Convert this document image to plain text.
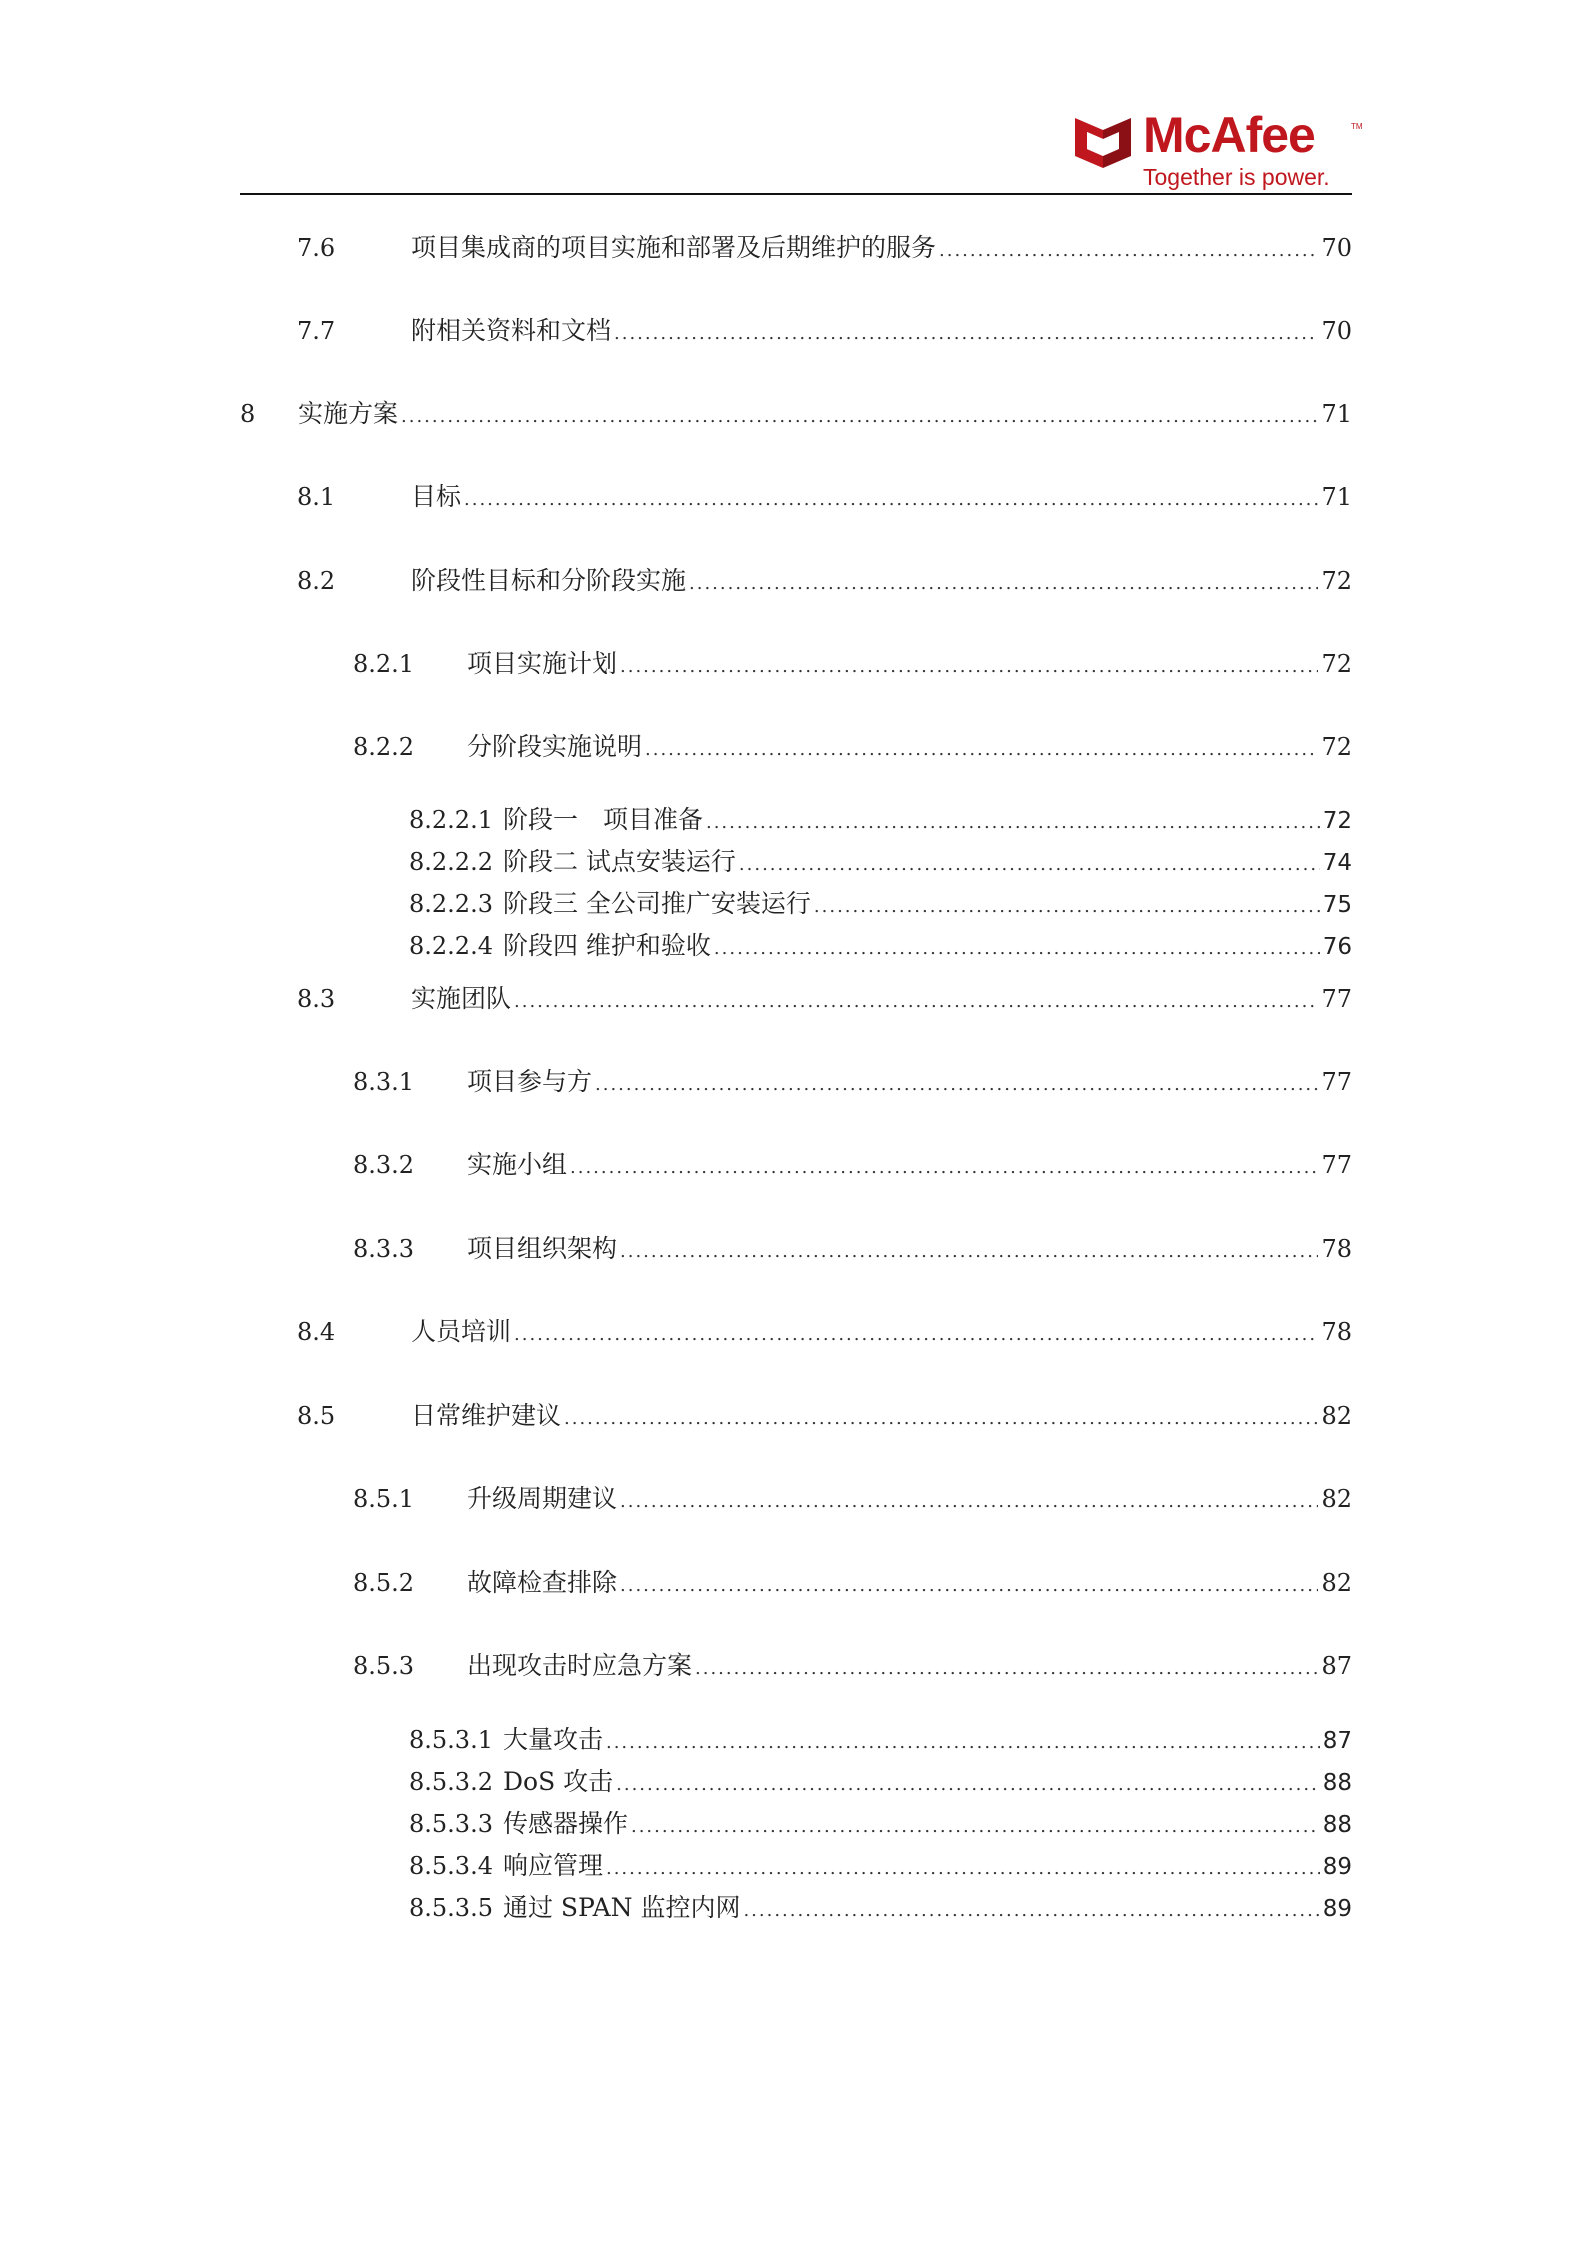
McAfee	TM
Together is power.
7.6	项目集成商的项目实施和部署及后期维护的服务 .....	70
7.7	附相关资料和文档 .....	70
8	实施方案 .....	71
8.1	目标 .....	71
8.2	阶段性目标和分阶段实施 .....	72
8.2.1	项目实施计划 .....	72
8.2.2	分阶段实施说明 .....	72
8.2.2.1 阶段一　项目准备 .....	72
8.2.2.2 阶段二 试点安装运行 .....	74
8.2.2.3 阶段三 全公司推广安装运行 .....	75
8.2.2.4 阶段四 维护和验收 .....	76
8.3	实施团队 .....	77
8.3.1	项目参与方 .....	77
8.3.2	实施小组 .....	77
8.3.3	项目组织架构 .....	78
8.4	人员培训 .....	78
8.5	日常维护建议 .....	82
8.5.1	升级周期建议 .....	82
8.5.2	故障检查排除 .....	82
8.5.3	出现攻击时应急方案 .....	87
8.5.3.1 大量攻击 .....	87
8.5.3.2 DoS 攻击 .....	88
8.5.3.3 传感器操作 .....	88
8.5.3.4 响应管理 .....	89
8.5.3.5 通过 SPAN 监控内网 .....	89
